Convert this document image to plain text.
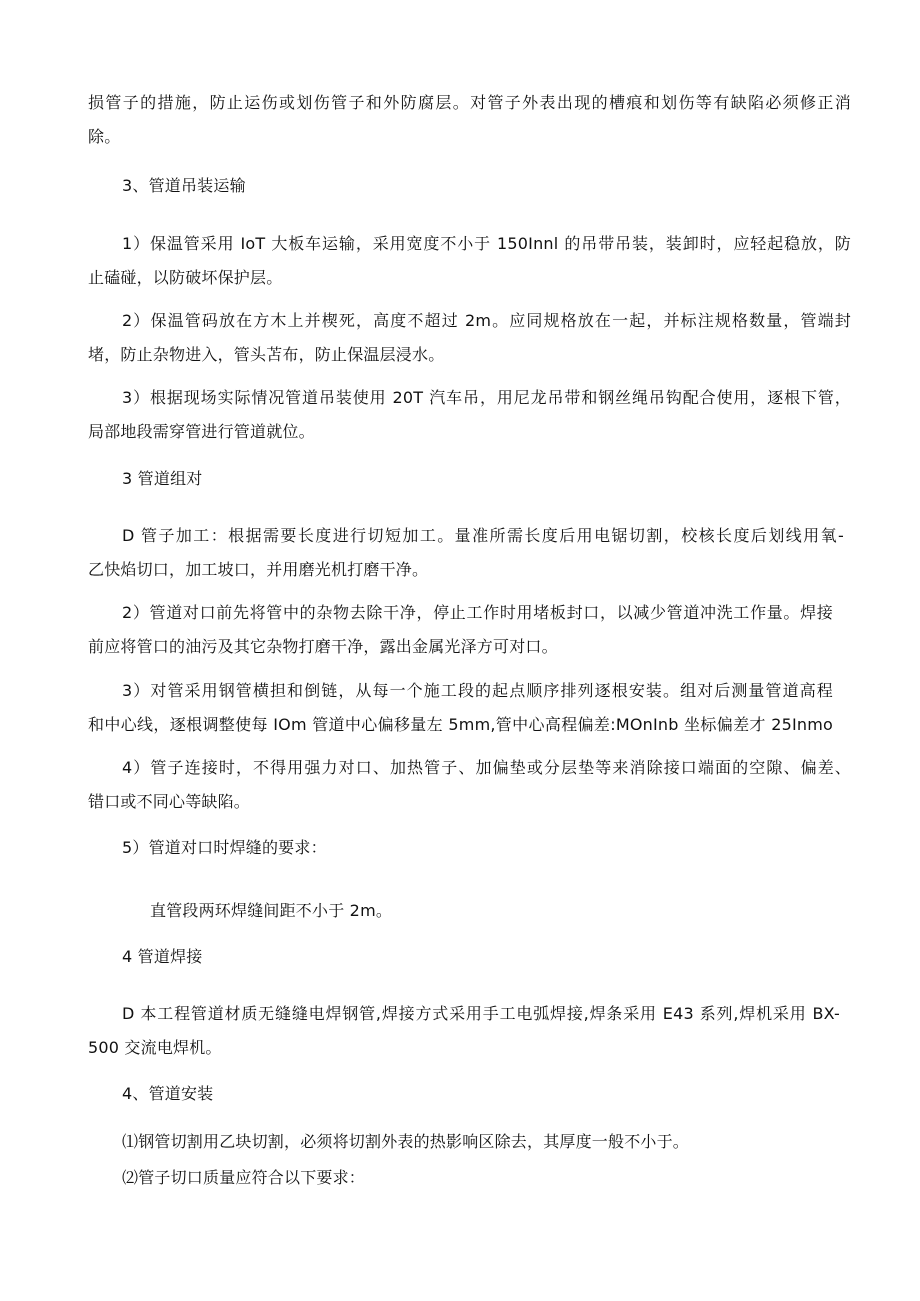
损管子的措施，防止运伤或划伤管子和外防腐层。对管子外表出现的槽痕和划伤等有缺陷必须修正消
除。
3、管道吊装运输
1）保温管采用 IoT 大板车运输，采用宽度不小于 150Innl 的吊带吊装，装卸时，应轻起稳放，防
止磕碰，以防破坏保护层。
2）保温管码放在方木上并楔死，高度不超过 2m。应同规格放在一起，并标注规格数量，管端封
堵，防止杂物进入，管头苫布，防止保温层浸水。
3）根据现场实际情况管道吊装使用 20T 汽车吊，用尼龙吊带和钢丝绳吊钩配合使用，逐根下管，
局部地段需穿管进行管道就位。
3 管道组对
D 管子加工：根据需要长度进行切短加工。量准所需长度后用电锯切割，校核长度后划线用氧-
乙快焰切口，加工坡口，并用磨光机打磨干净。
2）管道对口前先将管中的杂物去除干净，停止工作时用堵板封口，以减少管道冲洗工作量。焊接
前应将管口的油污及其它杂物打磨干净，露出金属光泽方可对口。
3）对管采用钢管横担和倒链，从每一个施工段的起点顺序排列逐根安装。组对后测量管道高程
和中心线，逐根调整使每 IOm 管道中心偏移量左 5mm,管中心高程偏差:MOnInb 坐标偏差才 25Inmo
4）管子连接时，不得用强力对口、加热管子、加偏垫或分层垫等来消除接口端面的空隙、偏差、
错口或不同心等缺陷。
5）管道对口时焊缝的要求：
直管段两环焊缝间距不小于 2m。
4 管道焊接
D 本工程管道材质无缝缝电焊钢管,焊接方式采用手工电弧焊接,焊条采用 E43 系列,焊机采用 BX-
500 交流电焊机。
4、管道安装
⑴钢管切割用乙块切割，必须将切割外表的热影响区除去，其厚度一般不小于。
⑵管子切口质量应符合以下要求：
